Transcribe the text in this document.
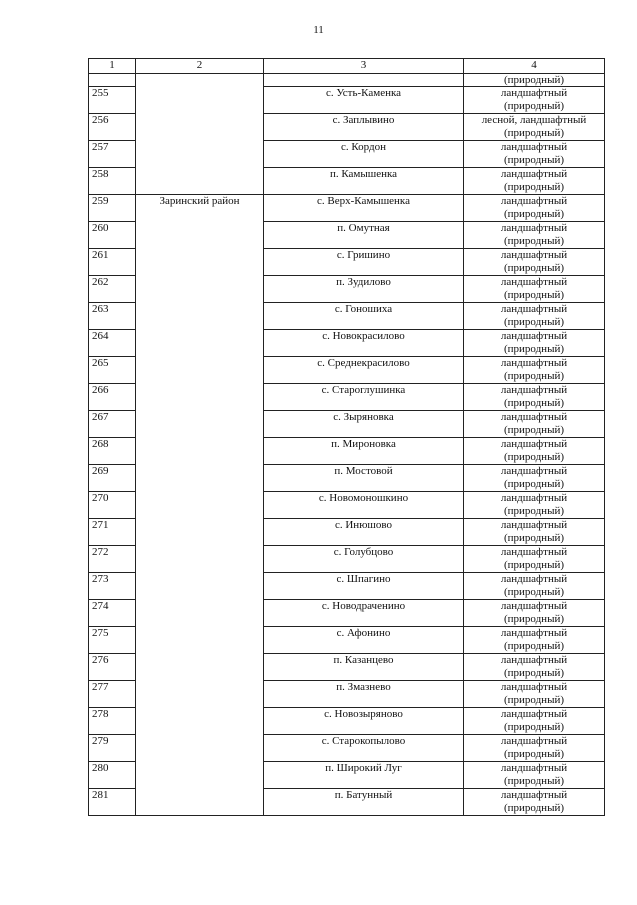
11
1	2	3	4
			(природный)
255		с. Усть-Каменка	ландшафтный
(природный)

256		с. Заплывино	лесной, ландшафтный
(природный)

257		с. Кордон	ландшафтный
(природный)

258		п. Камышенка	ландшафтный
(природный)

259	Заринский район	с. Верх-Камышенка	ландшафтный
(природный)

260		п. Омутная	ландшафтный
(природный)

261		с. Гришино	ландшафтный
(природный)

262		п. Зудилово	ландшафтный
(природный)

263		с. Гоношиха	ландшафтный
(природный)

264		с. Новокрасилово	ландшафтный
(природный)

265		с. Среднекрасилово	ландшафтный
(природный)

266		с. Староглушинка	ландшафтный
(природный)

267		с. Зыряновка	ландшафтный
(природный)

268		п. Мироновка	ландшафтный
(природный)

269		п. Мостовой	ландшафтный
(природный)

270		с. Новомоношкино	ландшафтный
(природный)

271		с. Инюшово	ландшафтный
(природный)

272		с. Голубцово	ландшафтный
(природный)

273		с. Шпагино	ландшафтный
(природный)

274		с. Новодраченино	ландшафтный
(природный)

275		с. Афонино	ландшафтный
(природный)

276		п. Казанцево	ландшафтный
(природный)

277		п. Змазнево	ландшафтный
(природный)

278		с. Новозыряново	ландшафтный
(природный)

279		с. Старокопылово	ландшафтный
(природный)

280		п. Широкий Луг	ландшафтный
(природный)

281		п. Батунный	ландшафтный
(природный)
